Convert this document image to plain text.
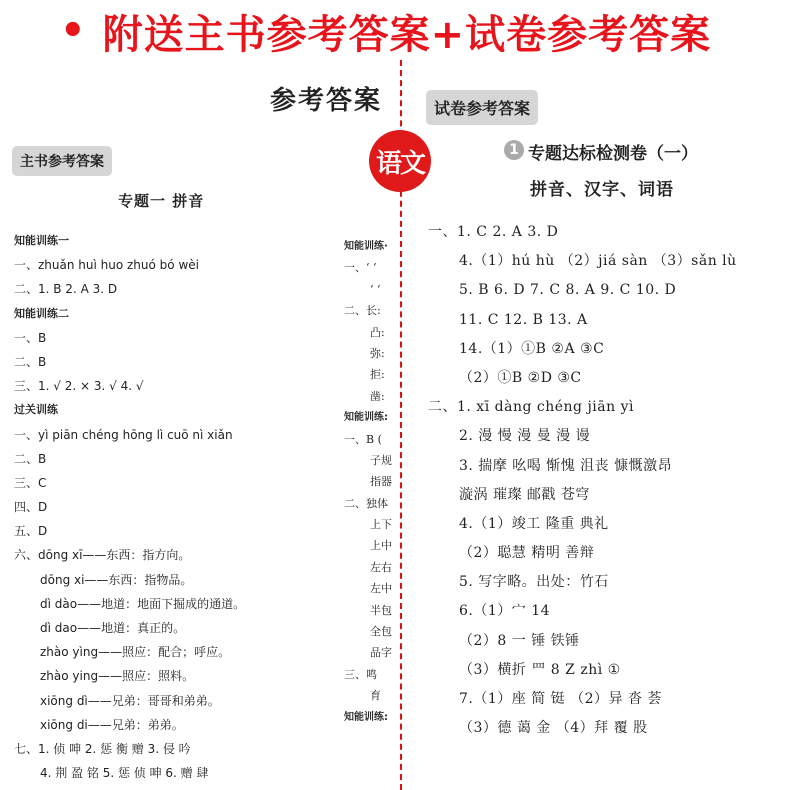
• 附送主书参考答案+试卷参考答案
参考答案
语文
主书参考答案
专题一 拼音
知能训练一
一、zhuǎn huì huo zhuó bó wèi
二、1. B 2. A 3. D
知能训练二
一、B
二、B
三、1. √ 2. × 3. √ 4. √
过关训练
一、yì piān chéng hōng lì cuō nì xiǎn
二、B
三、C
四、D
五、D
六、dōng xī——东西：指方向。
dōng xi——东西：指物品。
dì dào——地道：地面下掘成的通道。
dì dao——地道：真正的。
zhào yìng——照应：配合；呼应。
zhào ying——照应：照料。
xiōng dì——兄弟：哥哥和弟弟。
xiōng di——兄弟：弟弟。
七、1. 侦 呻 2. 惩 衡 赠 3. 侵 吟
4. 荆 盈 铭 5. 惩 侦 呻 6. 赠 肆
知能训练·
一、‘ ‘
‘ ‘
二、长:
凸:
弥:
拒:
凿:
知能训练:
一、B (
子规
指器
二、独体
上下
上中
左右
左中
半包
全包
品字
三、鸣
育
知能训练:
试卷参考答案
1 专题达标检测卷（一）
拼音、汉字、词语
一、1. C 2. A 3. D
4.（1）hú hù （2）jiá sàn （3）sǎn lù
5. B 6. D 7. C 8. A 9. C 10. D
11. C 12. B 13. A
14.（1）①B ②A ③C
（2）①B ②D ③C
二、1. xī dàng chéng jiān yì
2. 漫 慢 漫 曼 漫 谩
3. 揣摩 吆喝 惭愧 沮丧 慷慨激昂
漩涡 璀璨 邮戳 苍穹
4.（1）竣工 隆重 典礼
（2）聪慧 精明 善辩
5. 写字略。出处：竹石
6.（1）宀 14
（2）8 一 锤 铁锤
（3）横折 罒 8 Z zhì ①
7.（1）座 简 铤 （2）异 沓 荟
（3）德 蔼 金 （4）拜 覆 股
